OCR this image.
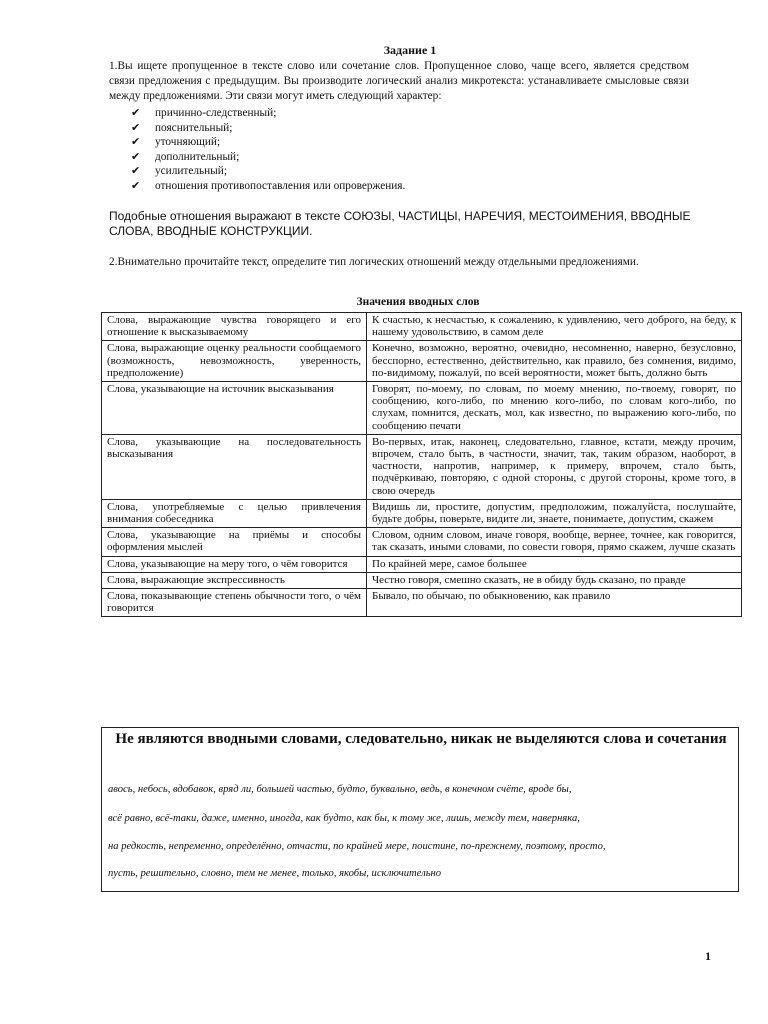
Задание 1
1.Вы ищете пропущенное в тексте слово или сочетание слов. Пропущенное слово, чаще всего, является средством связи предложения с предыдущим. Вы производите логический анализ микротекста: устанавливаете смысловые связи между предложениями. Эти связи могут иметь следующий характер:
✔ причинно-следственный;
✔ пояснительный;
✔ уточняющий;
✔ дополнительный;
✔ усилительный;
✔ отношения противопоставления или опровержения.
Подобные отношения выражают в тексте СОЮЗЫ, ЧАСТИЦЫ, НАРЕЧИЯ, МЕСТОИМЕНИЯ, ВВОДНЫЕ СЛОВА, ВВОДНЫЕ КОНСТРУКЦИИ.
2.Внимательно прочитайте текст, определите тип логических отношений между отдельными предложениями.
Значения вводных слов
Слова, выражающие чувства говорящего и его отношение к высказываемому	К счастью, к несчастью, к сожалению, к удивлению, чего доброго, на беду, к нашему удовольствию, в самом деле
Слова, выражающие оценку реальности сообщаемого (возможность, невозможность, уверенность, предположение)	Конечно, возможно, вероятно, очевидно, несомненно, наверно, безусловно, бесспорно, естественно, действительно, как правило, без сомнения, видимо, по-видимому, пожалуй, по всей вероятности, может быть, должно быть
Слова, указывающие на источник высказывания	Говорят, по-моему, по словам, по моему мнению, по-твоему, говорят, по сообщению, кого-либо, по мнению кого-либо, по словам кого-либо, по слухам, помнится, дескать, мол, как известно, по выражению кого-либо, по сообщению печати
Слова, указывающие на последовательность высказывания	Во-первых, итак, наконец, следовательно, главное, кстати, между прочим, впрочем, стало быть, в частности, значит, так, таким образом, наоборот, в частности, напротив, например, к примеру, впрочем, стало быть, подчёркиваю, повторяю, с одной стороны, с другой стороны, кроме того, в свою очередь
Слова, употребляемые с целью привлечения внимания собеседника	Видишь ли, простите, допустим, предположим, пожалуйста, послушайте, будьте добры, поверьте, видите ли, знаете, понимаете, допустим, скажем
Слова, указывающие на приёмы и способы оформления мыслей	Словом, одним словом, иначе говоря, вообще, вернее, точнее, как говорится, так сказать, иными словами, по совести говоря, прямо скажем, лучше сказать
Слова, указывающие на меру того, о чём говорится	По крайней мере, самое большее
Слова, выражающие экспрессивность	Честно говоря, смешно сказать, не в обиду будь сказано, по правде
Слова, показывающие степень обычности того, о чём говорится	Бывало, по обычаю, по обыкновению, как правило
Не являются вводными словами, следовательно, никак не выделяются слова и сочетания
авось, небось, вдобавок, вряд ли, большей частью, будто, буквально, ведь, в конечном счёте, вроде бы,
всё равно, всё-таки, даже, именно, иногда, как будто, как бы, к тому же, лишь, между тем, наверняка,
на редкость, непременно, определённо, отчасти, по крайней мере, поистине, по-прежнему, поэтому, просто,
пусть, решительно, словно, тем не менее, только, якобы, исключительно
1
